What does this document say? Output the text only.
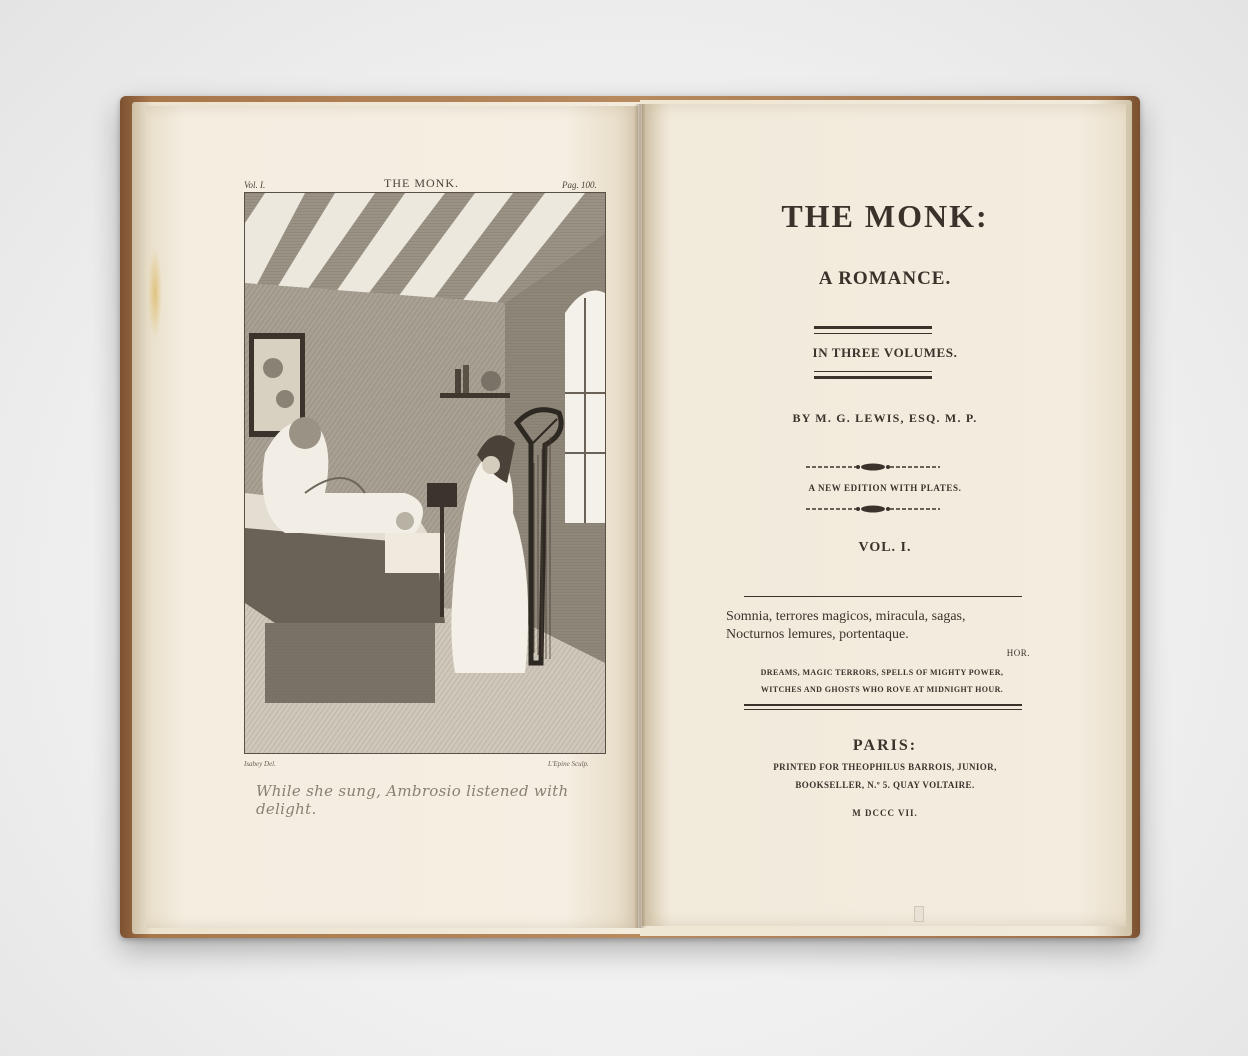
Vol. I.	THE MONK.	Pag. 100.
Isabey Del.	L'Epine Sculp.
While she sung, Ambrosio listened with delight.
THE MONK:
A ROMANCE.
IN THREE VOLUMES.
BY M. G. LEWIS, ESQ. M. P.
A NEW EDITION WITH PLATES.
VOL. I.
Somnia, terrores magicos, miracula, sagas,
Nocturnos lemures, portentaque.
HOR.
DREAMS, MAGIC TERRORS, SPELLS OF MIGHTY POWER,
WITCHES AND GHOSTS WHO ROVE AT MIDNIGHT HOUR.
PARIS:
PRINTED FOR THEOPHILUS BARROIS, JUNIOR,
BOOKSELLER, N.º 5. QUAY VOLTAIRE.
M DCCC VII.
